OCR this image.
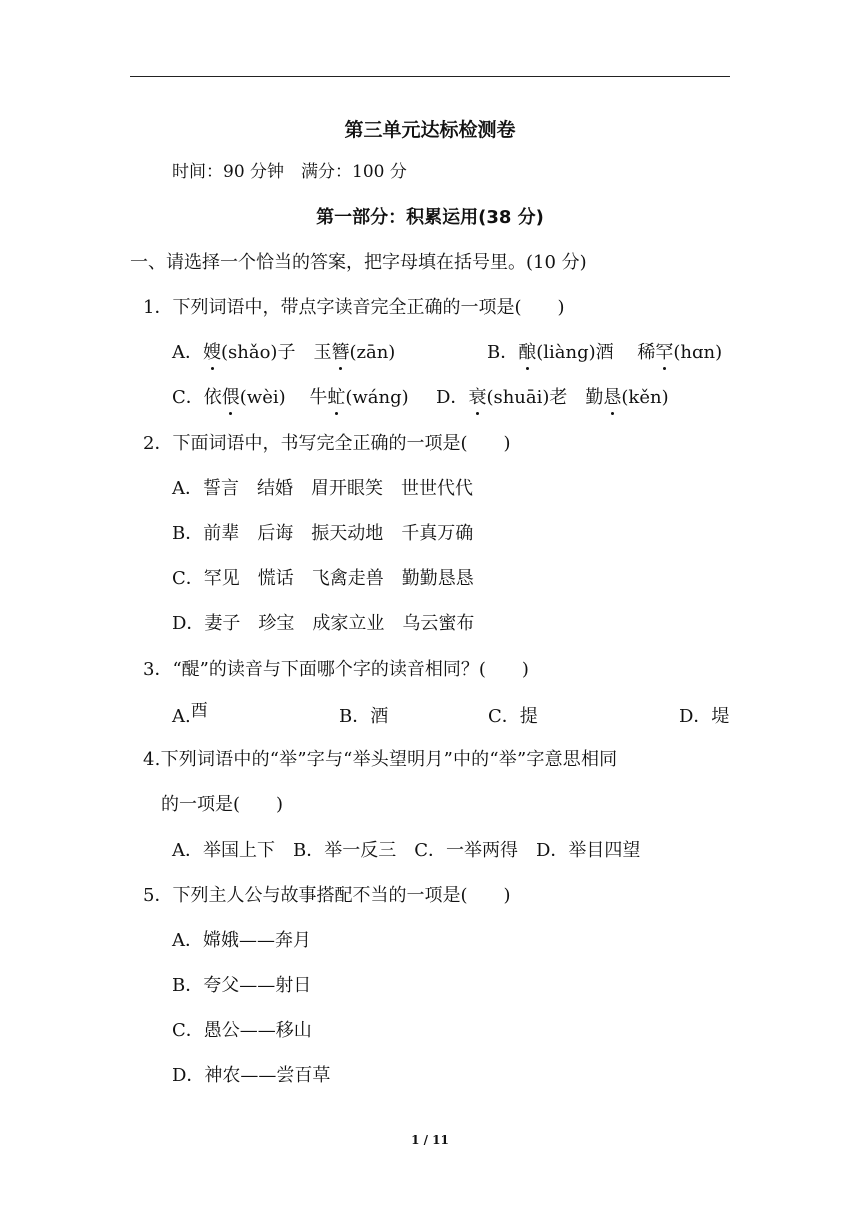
第三单元达标检测卷
时间：90 分钟　满分：100 分
第一部分：积累运用(38 分)
一、请选择一个恰当的答案，把字母填在括号里。(10 分)
1．下列词语中，带点字读音完全正确的一项是(　　)
A．嫂(shǎo)子　玉簪(zān)	B．酿(liàng)酒　 稀罕(hɑn)
C．依偎(wèi)　 牛虻(wáng) D．衰(shuāi)老　勤恳(kěn)
2．下面词语中，书写完全正确的一项是(　　)
A．誓言　结婚　眉开眼笑　世世代代
B．前辈　后诲　振天动地　千真万确
C．罕见　慌话　飞禽走兽　勤勤恳恳
D．妻子　珍宝　成家立业　乌云蜜布
3．“醍”的读音与下面哪个字的读音相同？(　　)
A.酉	B．酒	C．提	D．堤
4.下列词语中的“举”字与“举头望明月”中的“举”字意思相同
的一项是(　　)
A．举国上下　B．举一反三　C．一举两得　D．举目四望
5．下列主人公与故事搭配不当的一项是(　　)
A．嫦娥——奔月
B．夸父——射日
C．愚公——移山
D．神农——尝百草
1 / 11
